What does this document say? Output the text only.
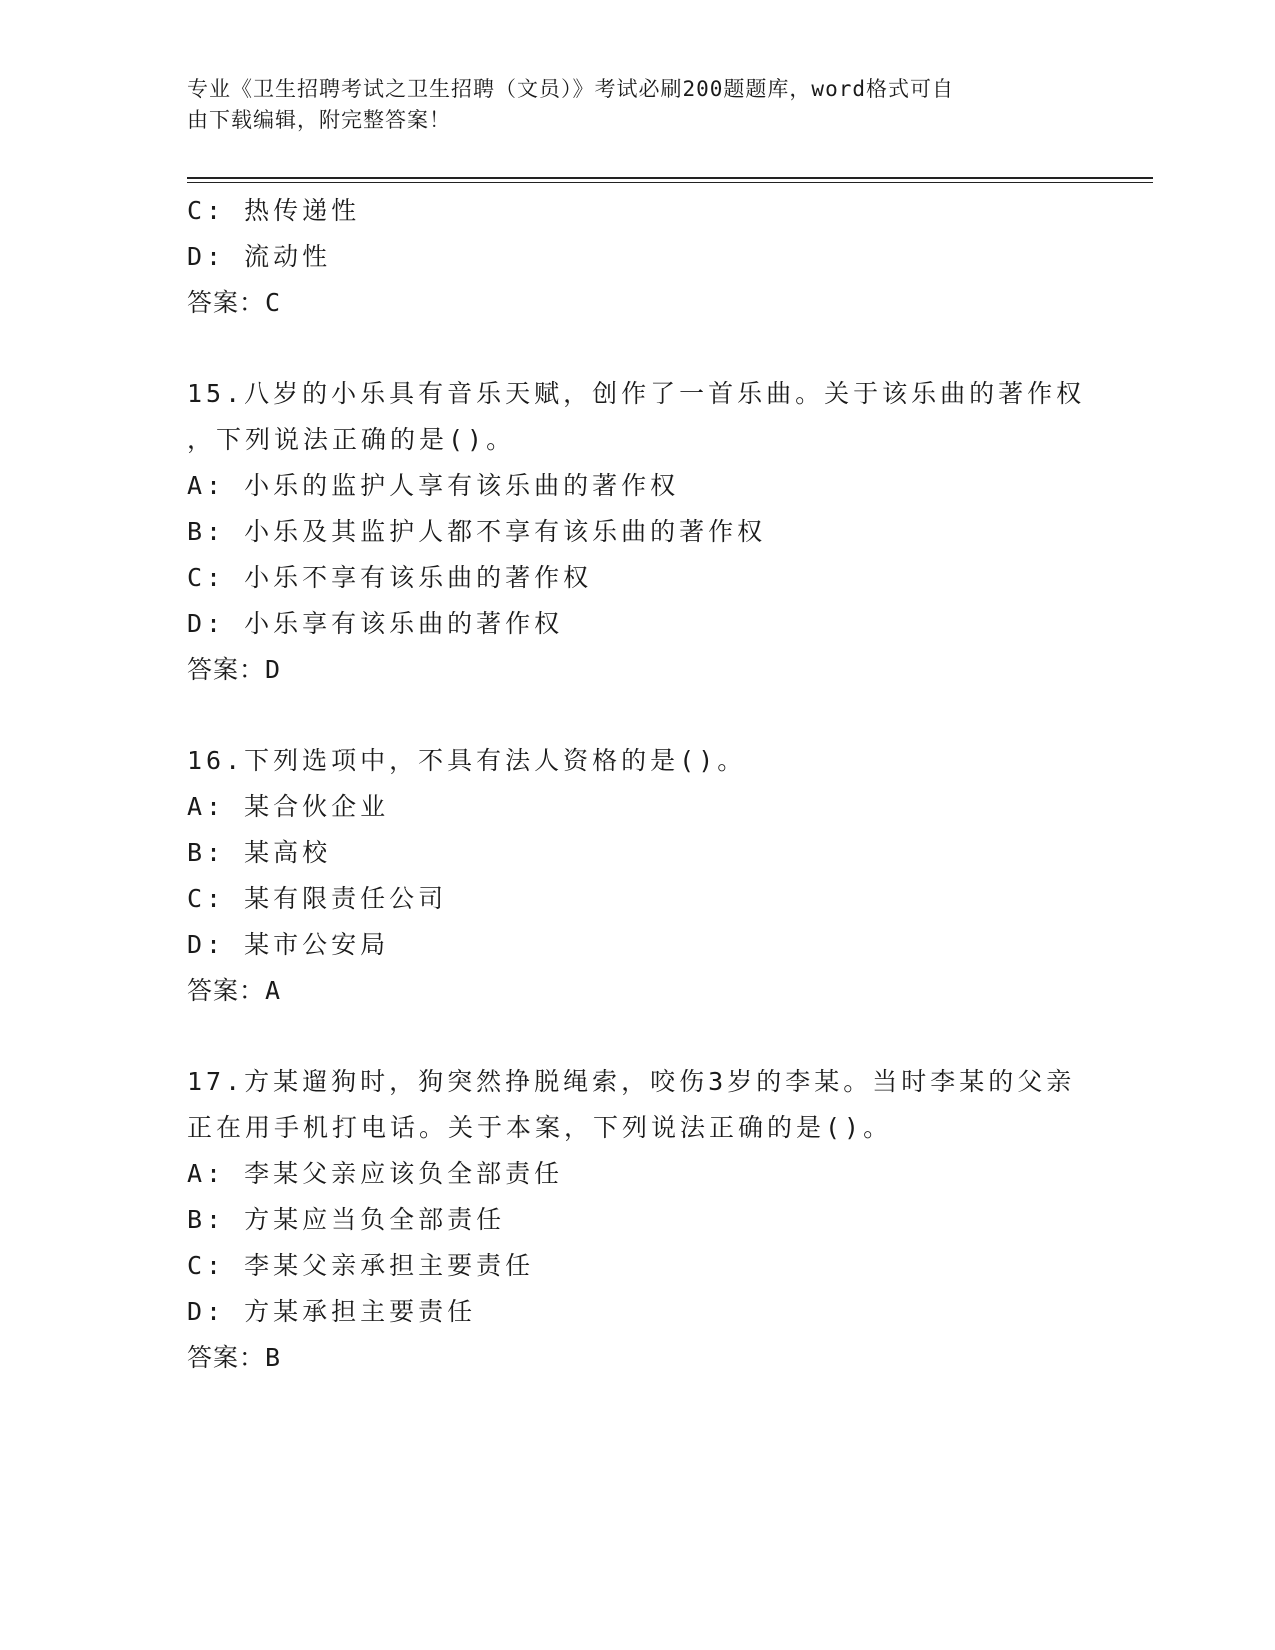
专业《卫生招聘考试之卫生招聘（文员）》考试必刷200题题库，word格式可自
由下载编辑，附完整答案！
C: 热传递性
D: 流动性
答案：C
15.八岁的小乐具有音乐天赋，创作了一首乐曲。关于该乐曲的著作权
，下列说法正确的是()。
A: 小乐的监护人享有该乐曲的著作权
B: 小乐及其监护人都不享有该乐曲的著作权
C: 小乐不享有该乐曲的著作权
D: 小乐享有该乐曲的著作权
答案：D
16.下列选项中，不具有法人资格的是()。
A: 某合伙企业
B: 某高校
C: 某有限责任公司
D: 某市公安局
答案：A
17.方某遛狗时，狗突然挣脱绳索，咬伤3岁的李某。当时李某的父亲
正在用手机打电话。关于本案，下列说法正确的是()。
A: 李某父亲应该负全部责任
B: 方某应当负全部责任
C: 李某父亲承担主要责任
D: 方某承担主要责任
答案：B
